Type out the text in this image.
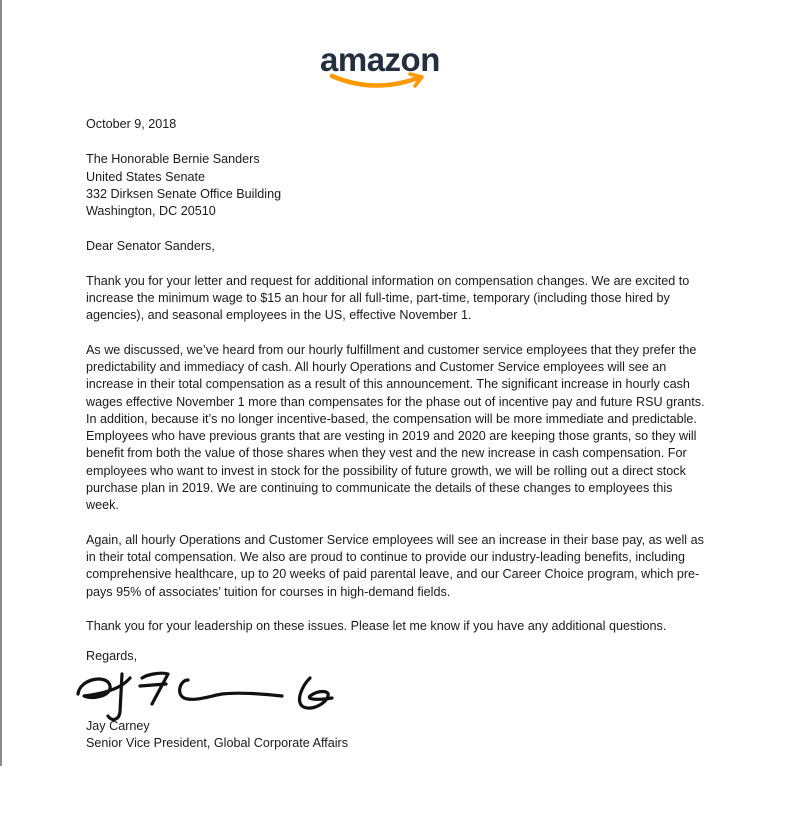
amazon

October 9, 2018

The Honorable Bernie Sanders

United States Senate

332 Dirksen Senate Office Building

Washington, DC 20510

Dear Senator Sanders,

Thank you for your letter and request for additional information on compensation changes. We are excited to increase the minimum wage to $15 an hour for all full-time, part-time, temporary (including those hired by agencies), and seasonal employees in the US, effective November 1.

As we discussed, we’ve heard from our hourly fulfillment and customer service employees that they prefer the predictability and immediacy of cash. All hourly Operations and Customer Service employees will see an increase in their total compensation as a result of this announcement. The significant increase in hourly cash wages effective November 1 more than compensates for the phase out of incentive pay and future RSU grants. In addition, because it’s no longer incentive-based, the compensation will be more immediate and predictable. Employees who have previous grants that are vesting in 2019 and 2020 are keeping those grants, so they will benefit from both the value of those shares when they vest and the new increase in cash compensation. For employees who want to invest in stock for the possibility of future growth, we will be rolling out a direct stock purchase plan in 2019. We are continuing to communicate the details of these changes to employees this week.

Again, all hourly Operations and Customer Service employees will see an increase in their base pay, as well as in their total compensation. We also are proud to continue to provide our industry-leading benefits, including comprehensive healthcare, up to 20 weeks of paid parental leave, and our Career Choice program, which pre-pays 95% of associates’ tuition for courses in high-demand fields.

Thank you for your leadership on these issues. Please let me know if you have any additional questions.

Regards,

Jay Carney
Senior Vice President, Global Corporate Affairs
